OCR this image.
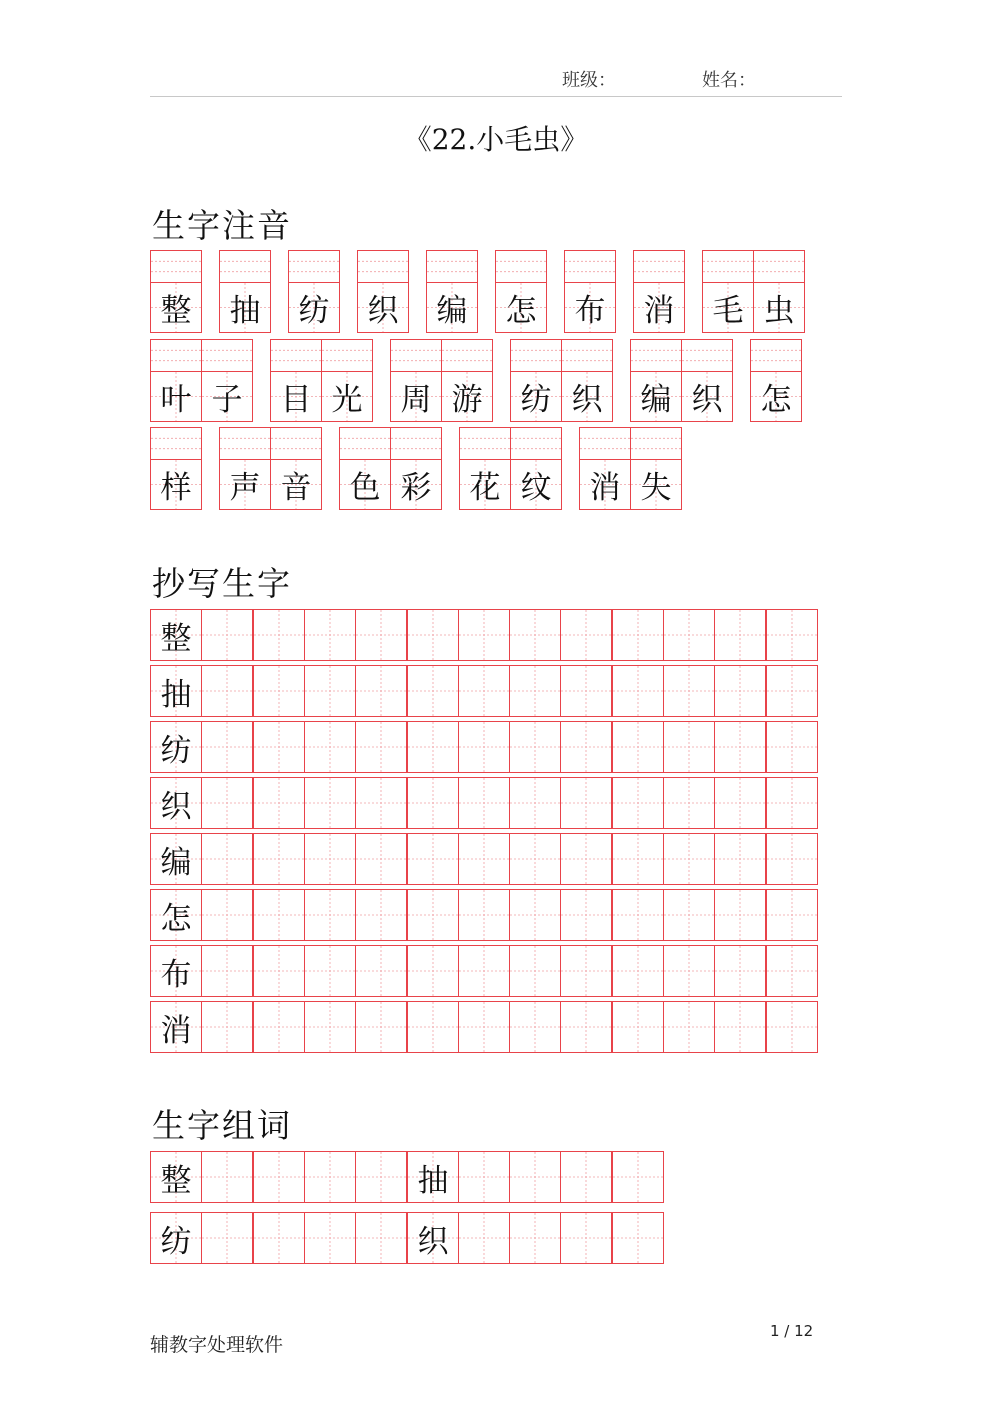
班级：	姓名：
《22.小毛虫》
生字注音
整	抽	纺	织	编	怎	布	消	毛 虫
叶 子	目 光	周 游	纺 织	编 织	怎
样	声 音	色 彩	花 纹	消 失
抄写生字
整
抽
纺
织
编
怎
布
消
生字组词
整	抽
纺	织
辅教字处理软件
1 / 12
